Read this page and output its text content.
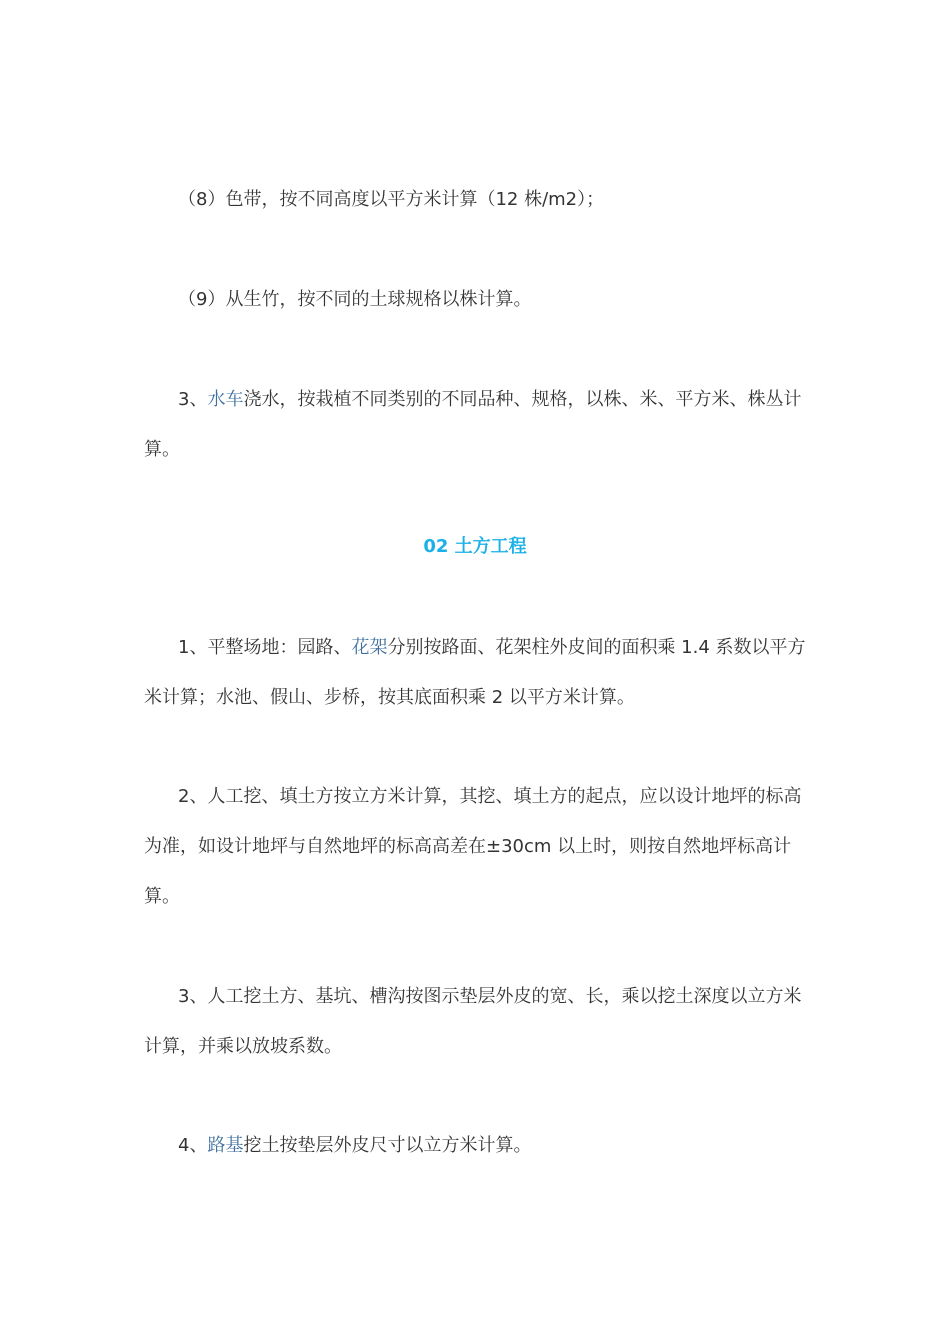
（8）色带，按不同高度以平方米计算（12 株/m2）；

（9）从生竹，按不同的土球规格以株计算。

3、水车浇水，按栽植不同类别的不同品种、规格，以株、米、平方米、株丛计算。

02 土方工程

1、平整场地：园路、花架分别按路面、花架柱外皮间的面积乘 1.4 系数以平方米计算；水池、假山、步桥，按其底面积乘 2 以平方米计算。

2、人工挖、填土方按立方米计算，其挖、填土方的起点，应以设计地坪的标高为准，如设计地坪与自然地坪的标高高差在±30cm 以上时，则按自然地坪标高计算。

3、人工挖土方、基坑、槽沟按图示垫层外皮的宽、长，乘以挖土深度以立方米计算，并乘以放坡系数。

4、路基挖土按垫层外皮尺寸以立方米计算。
